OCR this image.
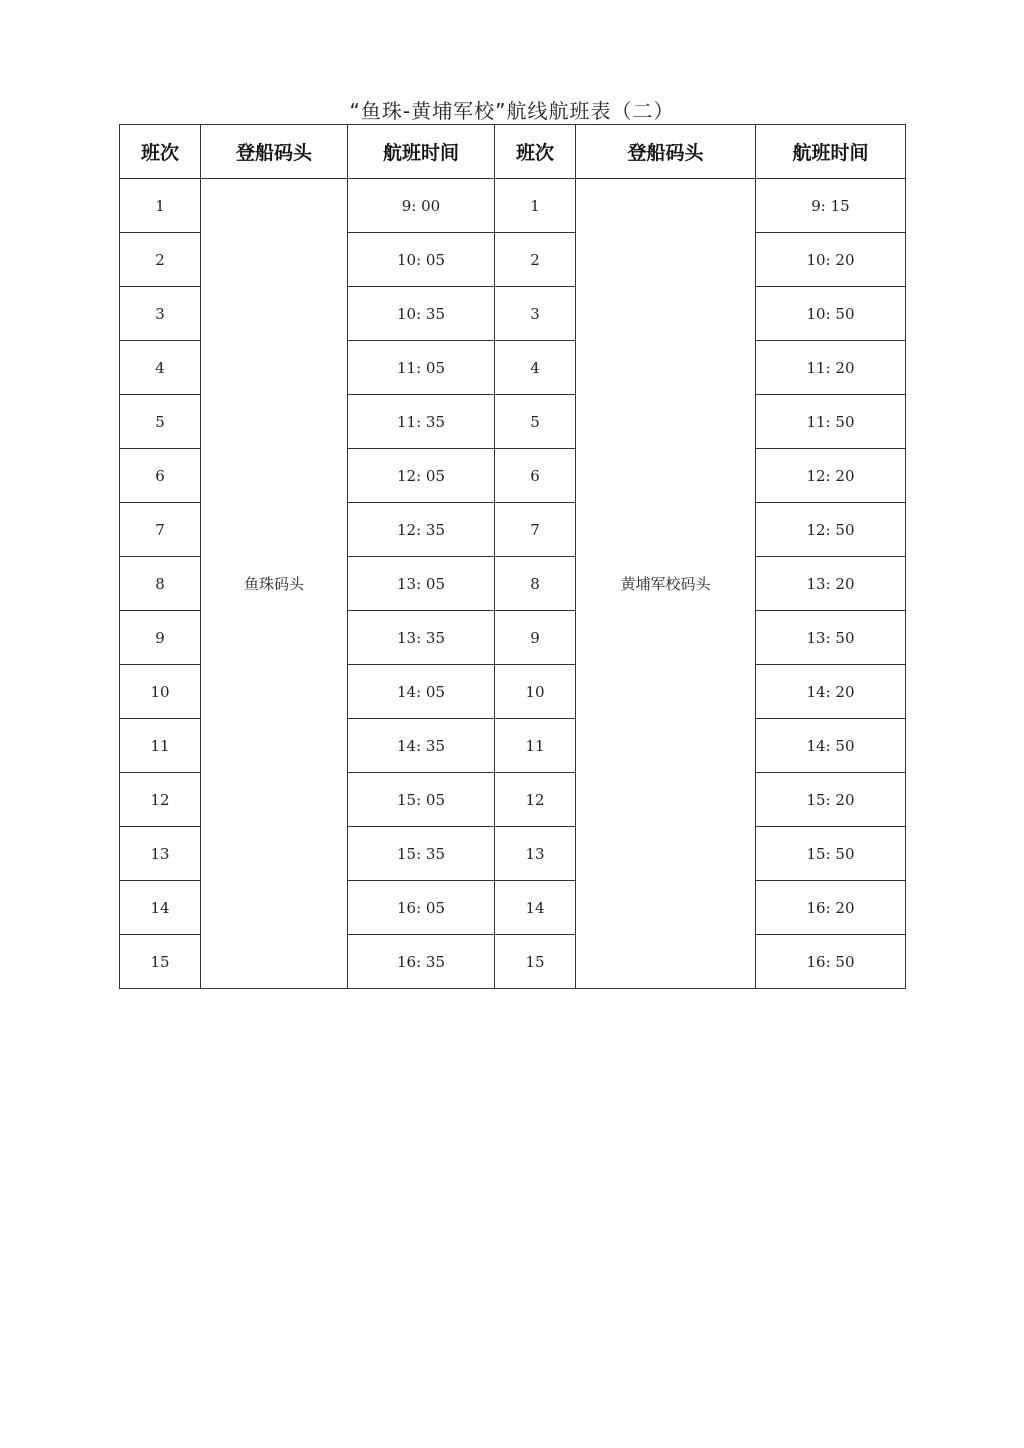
“鱼珠-黄埔军校”航线航班表（二）
班次	登船码头	航班时间	班次	登船码头	航班时间
1	鱼珠码头	9: 00	1	黄埔军校码头	9: 15
2		10: 05	2		10: 20
3		10: 35	3		10: 50
4		11: 05	4		11: 20
5		11: 35	5		11: 50
6		12: 05	6		12: 20
7		12: 35	7		12: 50
8		13: 05	8		13: 20
9		13: 35	9		13: 50
10		14: 05	10		14: 20
11		14: 35	11		14: 50
12		15: 05	12		15: 20
13		15: 35	13		15: 50
14		16: 05	14		16: 20
15		16: 35	15		16: 50
